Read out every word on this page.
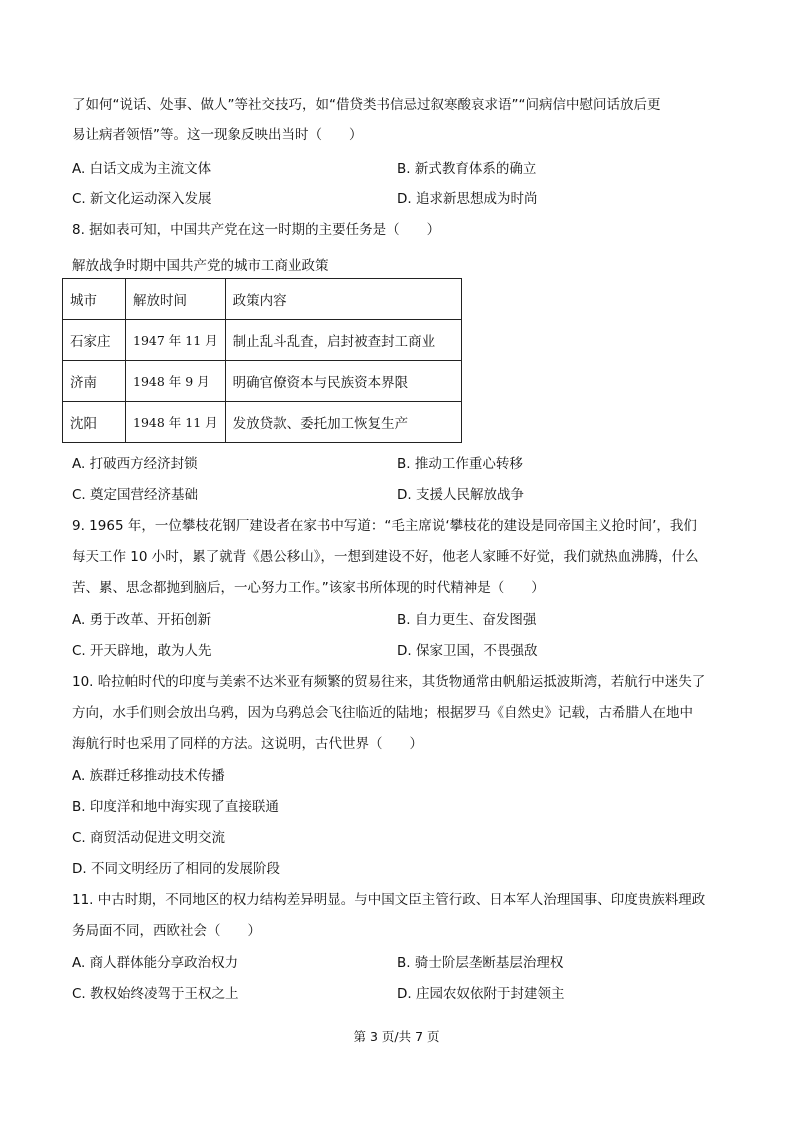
了如何“说话、处事、做人”等社交技巧，如“借贷类书信忌过叙寒酸哀求语”“问病信中慰问话放后更
易让病者领悟”等。这一现象反映出当时（　　）
A. 白话文成为主流文体	B. 新式教育体系的确立
C. 新文化运动深入发展	D. 追求新思想成为时尚
8. 据如表可知，中国共产党在这一时期的主要任务是（　　）
解放战争时期中国共产党的城市工商业政策
城市	解放时间	政策内容
石家庄	1947 年 11 月	制止乱斗乱査，启封被查封工商业
济南	1948 年 9 月	明确官僚资本与民族资本界限
沈阳	1948 年 11 月	发放贷款、委托加工恢复生产
A. 打破西方经济封锁	B. 推动工作重心转移
C. 奠定国营经济基础	D. 支援人民解放战争
9. 1965 年，一位攀枝花钢厂建设者在家书中写道：“毛主席说‘攀枝花的建设是同帝国主义抢时间’，我们
每天工作 10 小时，累了就背《愚公移山》，一想到建设不好，他老人家睡不好觉，我们就热血沸腾，什么
苦、累、思念都抛到脑后，一心努力工作。”该家书所体现的时代精神是（　　）
A. 勇于改革、开拓创新	B. 自力更生、奋发图强
C. 开天辟地，敢为人先	D. 保家卫国，不畏强敌
10. 哈拉帕时代的印度与美索不达米亚有频繁的贸易往来，其货物通常由帆船运抵波斯湾，若航行中迷失了
方向，水手们则会放出乌鸦，因为乌鸦总会飞往临近的陆地；根据罗马《自然史》记载，古希腊人在地中
海航行时也采用了同样的方法。这说明，古代世界（　　）
A. 族群迁移推动技术传播
B. 印度洋和地中海实现了直接联通
C. 商贸活动促进文明交流
D. 不同文明经历了相同的发展阶段
11. 中古时期，不同地区的权力结构差异明显。与中国文臣主管行政、日本军人治理国事、印度贵族料理政
务局面不同，西欧社会（　　）
A. 商人群体能分享政治权力	B. 骑士阶层垄断基层治理权
C. 教权始终凌驾于王权之上	D. 庄园农奴依附于封建领主
第 3 页/共 7 页
